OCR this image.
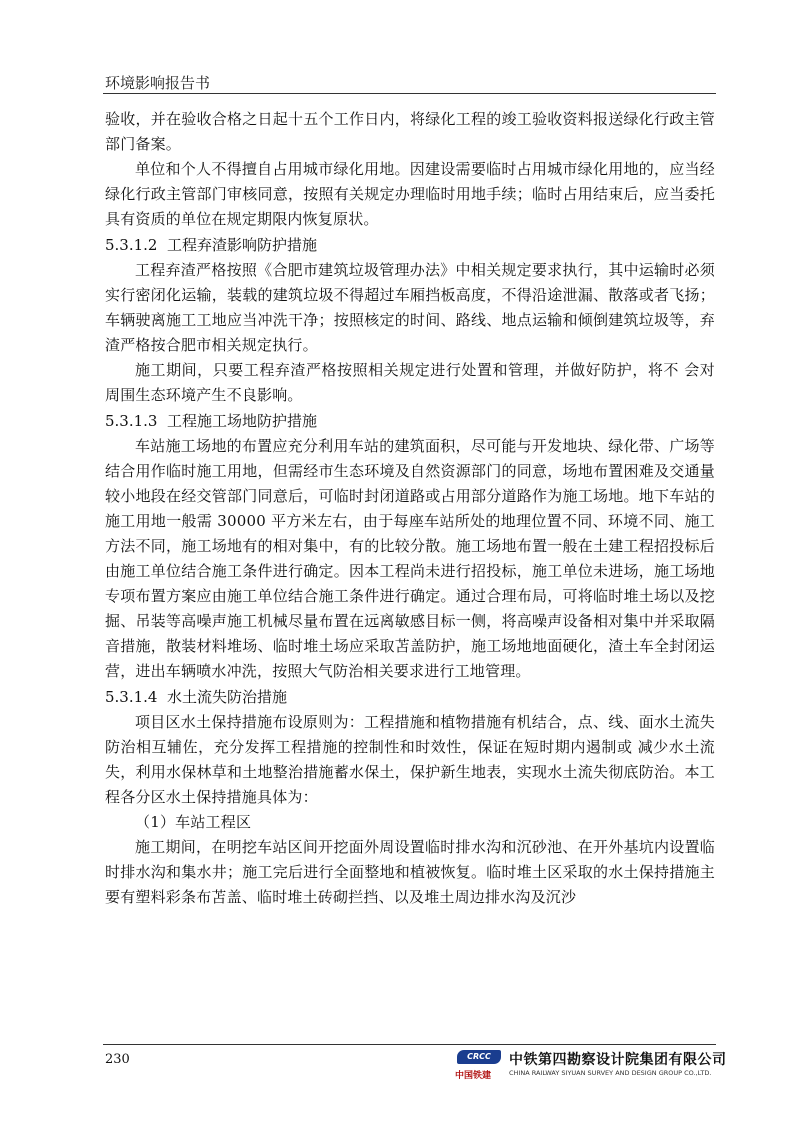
环境影响报告书

验收，并在验收合格之日起十五个工作日内，将绿化工程的竣工验收资料报送绿化行政主管部门备案。

单位和个人不得擅自占用城市绿化用地。因建设需要临时占用城市绿化用地的，应当经绿化行政主管部门审核同意，按照有关规定办理临时用地手续；临时占用结束后，应当委托具有资质的单位在规定期限内恢复原状。

5.3.1.2 工程弃渣影响防护措施

工程弃渣严格按照《合肥市建筑垃圾管理办法》中相关规定要求执行，其中运输时必须实行密闭化运输，装载的建筑垃圾不得超过车厢挡板高度，不得沿途泄漏、散落或者飞扬；车辆驶离施工工地应当冲洗干净；按照核定的时间、路线、地点运输和倾倒建筑垃圾等，弃渣严格按合肥市相关规定执行。

施工期间，只要工程弃渣严格按照相关规定进行处置和管理，并做好防护，将不 会对周围生态环境产生不良影响。

5.3.1.3 工程施工场地防护措施

车站施工场地的布置应充分利用车站的建筑面积，尽可能与开发地块、绿化带、广场等结合用作临时施工用地，但需经市生态环境及自然资源部门的同意，场地布置困难及交通量较小地段在经交管部门同意后，可临时封闭道路或占用部分道路作为施工场地。地下车站的施工用地一般需 30000 平方米左右，由于每座车站所处的地理位置不同、环境不同、施工方法不同，施工场地有的相对集中，有的比较分散。施工场地布置一般在土建工程招投标后由施工单位结合施工条件进行确定。因本工程尚未进行招投标，施工单位未进场，施工场地专项布置方案应由施工单位结合施工条件进行确定。通过合理布局，可将临时堆土场以及挖掘、吊装等高噪声施工机械尽量布置在远离敏感目标一侧，将高噪声设备相对集中并采取隔音措施，散装材料堆场、临时堆土场应采取苫盖防护，施工场地地面硬化，渣土车全封闭运营，进出车辆喷水冲洗，按照大气防治相关要求进行工地管理。

5.3.1.4 水土流失防治措施

项目区水土保持措施布设原则为：工程措施和植物措施有机结合，点、线、面水土流失防治相互辅佐，充分发挥工程措施的控制性和时效性，保证在短时期内遏制或 减少水土流失，利用水保林草和土地整治措施蓄水保土，保护新生地表，实现水土流失彻底防治。本工程各分区水土保持措施具体为：

（1）车站工程区

施工期间，在明挖车站区间开挖面外周设置临时排水沟和沉砂池、在开外基坑内设置临时排水沟和集水井；施工完后进行全面整地和植被恢复。临时堆土区采取的水土保持措施主要有塑料彩条布苫盖、临时堆土砖砌拦挡、以及堆土周边排水沟及沉沙

230	CRCC
中国铁建
中铁第四勘察设计院集团有限公司
CHINA RAILWAY SIYUAN SURVEY AND DESIGN GROUP CO.,LTD.
